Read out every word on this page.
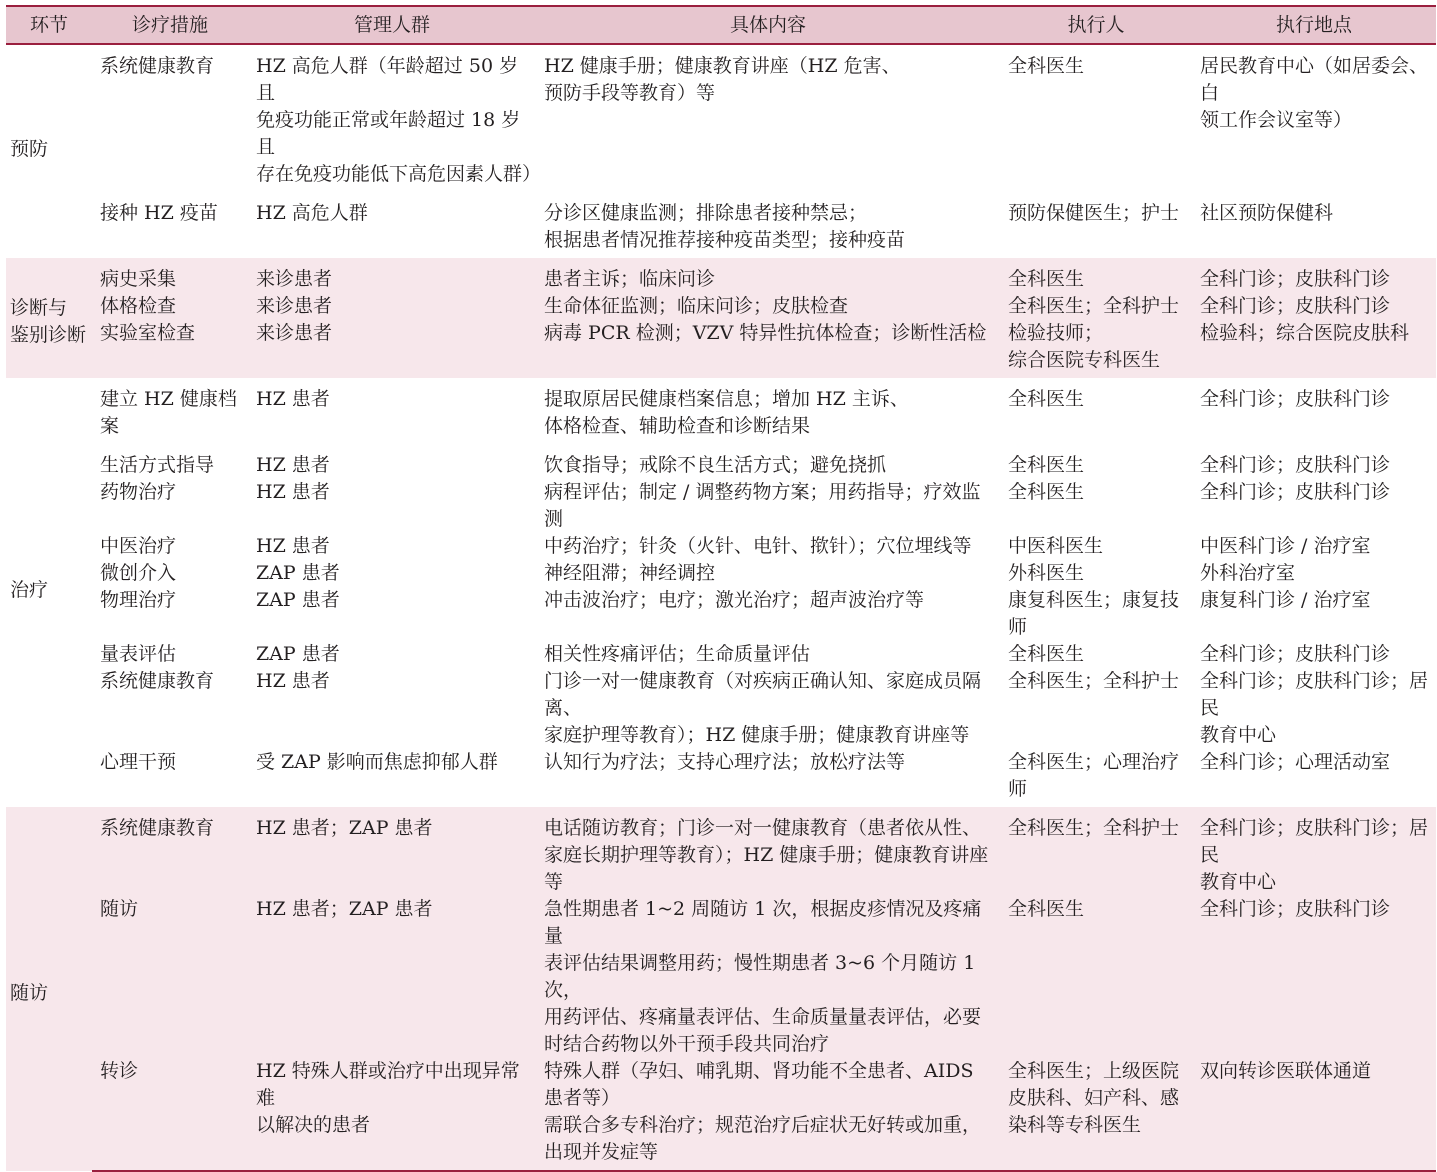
环节	诊疗措施	管理人群	具体内容	执行人	执行地点
预防	系统健康教育	HZ 高危人群（年龄超过 50 岁且
免疫功能正常或年龄超过 18 岁且
存在免疫功能低下高危因素人群）	HZ 健康手册；健康教育讲座（HZ 危害、
预防手段等教育）等	全科医生	居民教育中心（如居委会、白
领工作会议室等）
	接种 HZ 疫苗	HZ 高危人群	分诊区健康监测；排除患者接种禁忌；
根据患者情况推荐接种疫苗类型；接种疫苗	预防保健医生；护士	社区预防保健科
诊断与
鉴别诊断	病史采集	来诊患者	患者主诉；临床问诊	全科医生	全科门诊；皮肤科门诊
	体格检查	来诊患者	生命体征监测；临床问诊；皮肤检查	全科医生；全科护士	全科门诊；皮肤科门诊
	实验室检查	来诊患者	病毒 PCR 检测；VZV 特异性抗体检查；诊断性活检	检验技师；
综合医院专科医生	检验科；综合医院皮肤科
治疗	建立 HZ 健康档案	HZ 患者	提取原居民健康档案信息；增加 HZ 主诉、
体格检查、辅助检查和诊断结果	全科医生	全科门诊；皮肤科门诊
	生活方式指导	HZ 患者	饮食指导；戒除不良生活方式；避免挠抓	全科医生	全科门诊；皮肤科门诊
	药物治疗	HZ 患者	病程评估；制定 / 调整药物方案；用药指导；疗效监测	全科医生	全科门诊；皮肤科门诊
	中医治疗	HZ 患者	中药治疗；针灸（火针、电针、揿针）；穴位埋线等	中医科医生	中医科门诊 / 治疗室
	微创介入	ZAP 患者	神经阻滞；神经调控	外科医生	外科治疗室
	物理治疗	ZAP 患者	冲击波治疗；电疗；激光治疗；超声波治疗等	康复科医生；康复技师	康复科门诊 / 治疗室
	量表评估	ZAP 患者	相关性疼痛评估；生命质量评估	全科医生	全科门诊；皮肤科门诊
	系统健康教育	HZ 患者	门诊一对一健康教育（对疾病正确认知、家庭成员隔离、
家庭护理等教育）；HZ 健康手册；健康教育讲座等	全科医生；全科护士	全科门诊；皮肤科门诊；居民
教育中心
	心理干预	受 ZAP 影响而焦虑抑郁人群	认知行为疗法；支持心理疗法；放松疗法等	全科医生；心理治疗师	全科门诊；心理活动室
随访	系统健康教育	HZ 患者；ZAP 患者	电话随访教育；门诊一对一健康教育（患者依从性、
家庭长期护理等教育）；HZ 健康手册；健康教育讲座等	全科医生；全科护士	全科门诊；皮肤科门诊；居民
教育中心
	随访	HZ 患者；ZAP 患者	急性期患者 1~2 周随访 1 次，根据皮疹情况及疼痛量
表评估结果调整用药；慢性期患者 3~6 个月随访 1 次，
用药评估、疼痛量表评估、生命质量量表评估，必要
时结合药物以外干预手段共同治疗	全科医生	全科门诊；皮肤科门诊
	转诊	HZ 特殊人群或治疗中出现异常难
以解决的患者	特殊人群（孕妇、哺乳期、肾功能不全患者、AIDS 患者等）
需联合多专科治疗；规范治疗后症状无好转或加重，
出现并发症等	全科医生；上级医院
皮肤科、妇产科、感
染科等专科医生	双向转诊医联体通道
